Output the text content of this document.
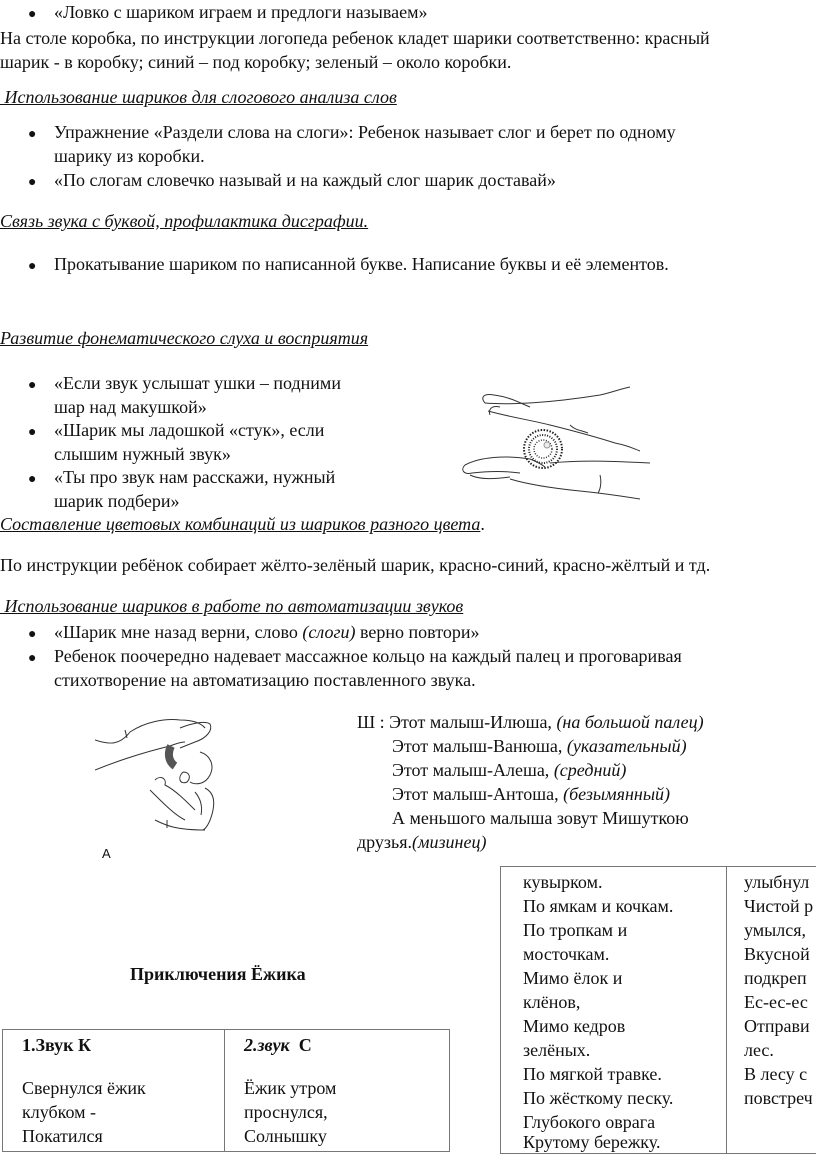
● «Ловко с шариком играем и предлоги называем»
На столе коробка, по инструкции логопеда ребенок кладет шарики соответственно: красный
шарик - в коробку; синий – под коробку; зеленый – около коробки.
Использование шариков для слогового анализа слов
● Упражнение «Раздели слова на слоги»: Ребенок называет слог и берет по одному
шарику из коробки.
● «По слогам словечко называй и на каждый слог шарик доставай»
Связь звука с буквой, профилактика дисграфии.
● Прокатывание шариком по написанной букве. Написание буквы и её элементов.
Развитие фонематического слуха и восприятия
● «Если звук услышат ушки – подними
шар над макушкой»
● «Шарик мы ладошкой «стук», если
слышим нужный звук»
● «Ты про звук нам расскажи, нужный
шарик подбери»
Составление цветовых комбинаций из шариков разного цвета.
По инструкции ребёнок собирает жёлто-зелёный шарик, красно-синий, красно-жёлтый и тд.
Использование шариков в работе по автоматизации звуков
● «Шарик мне назад верни, слово (слоги) верно повтори»
● Ребенок поочередно надевает массажное кольцо на каждый палец и проговаривая
стихотворение на автоматизацию поставленного звука.
А
Ш : Этот малыш-Илюша, (на большой палец)
Этот малыш-Ванюша, (указательный)
Этот малыш-Алеша, (средний)
Этот малыш-Антоша, (безымянный)
А меньшого малыша зовут Мишуткою
друзья.(мизинец)
Приключения Ёжика
1.Звук К	2.звук  С
Свернулся ёжик
клубком -
Покатился
Ёжик утром
проснулся,
Солнышку
кувырком.
По ямкам и кочкам.
По тропкам и
мосточкам.
Мимо ёлок и
клёнов,
Мимо кедров
зелёных.
По мягкой травке.
По жёсткому песку.
Глубокого оврага
Крутому бережку.
улыбнул
Чистой р
умылся,
Вкусной
подкреп
Ес-ес-ес
Отправи
лес.
В лесу с
повстреч
